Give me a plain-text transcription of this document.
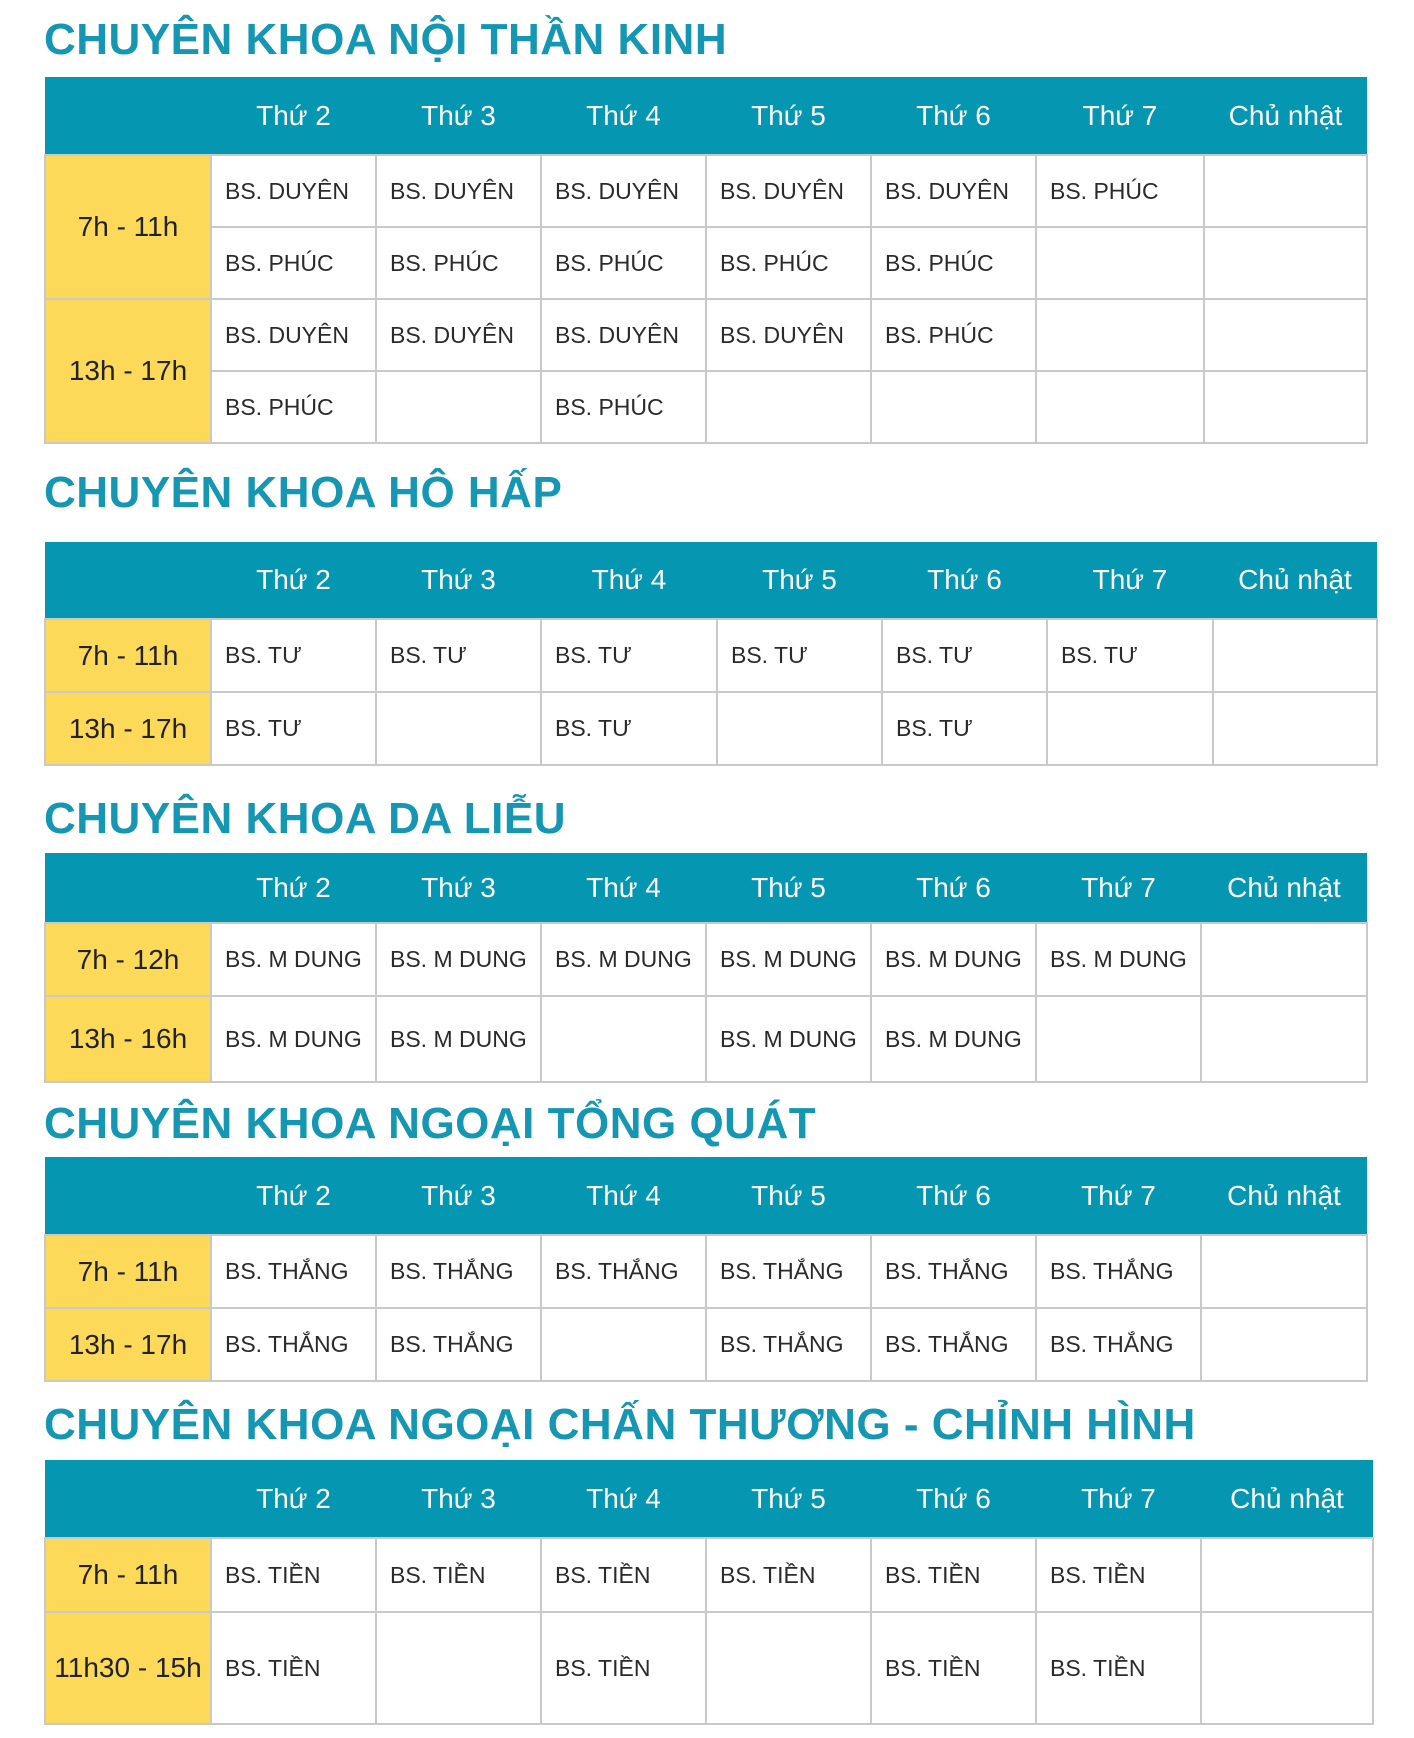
CHUYÊN KHOA NỘI THẦN KINH
	Thứ 2	Thứ 3	Thứ 4	Thứ 5	Thứ 6	Thứ 7	Chủ nhật
7h - 11h	BS. DUYÊN	BS. DUYÊN	BS. DUYÊN	BS. DUYÊN	BS. DUYÊN	BS. PHÚC	
	BS. PHÚC	BS. PHÚC	BS. PHÚC	BS. PHÚC	BS. PHÚC		
13h - 17h	BS. DUYÊN	BS. DUYÊN	BS. DUYÊN	BS. DUYÊN	BS. PHÚC		
	BS. PHÚC		BS. PHÚC				
CHUYÊN KHOA HÔ HẤP
	Thứ 2	Thứ 3	Thứ 4	Thứ 5	Thứ 6	Thứ 7	Chủ nhật
7h - 11h	BS. TƯ	BS. TƯ	BS. TƯ	BS. TƯ	BS. TƯ	BS. TƯ	
13h - 17h	BS. TƯ		BS. TƯ		BS. TƯ		
CHUYÊN KHOA DA LIỄU
	Thứ 2	Thứ 3	Thứ 4	Thứ 5	Thứ 6	Thứ 7	Chủ nhật
7h - 12h	BS. M DUNG	BS. M DUNG	BS. M DUNG	BS. M DUNG	BS. M DUNG	BS. M DUNG	
13h - 16h	BS. M DUNG	BS. M DUNG		BS. M DUNG	BS. M DUNG		
CHUYÊN KHOA NGOẠI TỔNG QUÁT
	Thứ 2	Thứ 3	Thứ 4	Thứ 5	Thứ 6	Thứ 7	Chủ nhật
7h - 11h	BS. THẮNG	BS. THẮNG	BS. THẮNG	BS. THẮNG	BS. THẮNG	BS. THẮNG	
13h - 17h	BS. THẮNG	BS. THẮNG		BS. THẮNG	BS. THẮNG	BS. THẮNG	
CHUYÊN KHOA NGOẠI CHẤN THƯƠNG - CHỈNH HÌNH
	Thứ 2	Thứ 3	Thứ 4	Thứ 5	Thứ 6	Thứ 7	Chủ nhật
7h - 11h	BS. TIỀN	BS. TIỀN	BS. TIỀN	BS. TIỀN	BS. TIỀN	BS. TIỀN	
11h30 - 15h	BS. TIỀN		BS. TIỀN		BS. TIỀN	BS. TIỀN	
